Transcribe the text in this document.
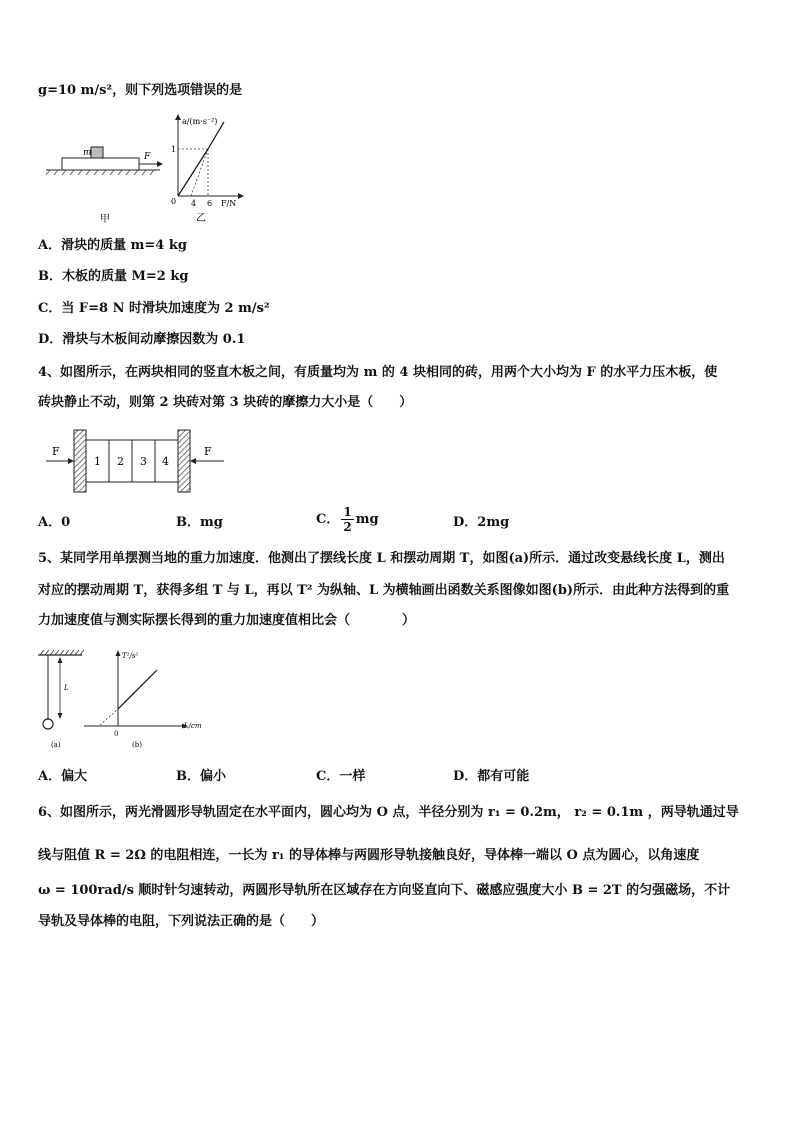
g=10 m/s²，则下列选项错误的是
m	F
甲
a/(m·s⁻²)
1
0 4 6 F/N
乙
A．滑块的质量 m=4 kg
B．木板的质量 M=2 kg
C．当 F=8 N 时滑块加速度为 2 m/s²
D．滑块与木板间动摩擦因数为 0.1
4、如图所示，在两块相同的竖直木板之间，有质量均为 m 的 4 块相同的砖，用两个大小均为 F 的水平力压木板，使
砖块静止不动，则第 2 块砖对第 3 块砖的摩擦力大小是（　　）
F	F
1 2 3 4
A．0	B．mg	C． $\frac{1}{2}$ mg	D．2mg
5、某同学用单摆测当地的重力加速度．他测出了摆线长度 L 和摆动周期 T，如图(a)所示．通过改变悬线长度 L，测出
对应的摆动周期 T，获得多组 T 与 L，再以 T² 为纵轴、L 为横轴画出函数关系图像如图(b)所示．由此种方法得到的重
力加速度值与测实际摆长得到的重力加速度值相比会（　　　　）
L
(a)
T²/s²
L/cm
0
(b)
A．偏大	B．偏小	C．一样	D．都有可能
6、如图所示，两光滑圆形导轨固定在水平面内，圆心均为 O 点，半径分别为 r₁ = 0.2m， r₂ = 0.1m ，两导轨通过导
线与阻值 R = 2Ω 的电阻相连，一长为 r₁ 的导体棒与两圆形导轨接触良好，导体棒一端以 O 点为圆心，以角速度
ω = 100rad/s 顺时针匀速转动，两圆形导轨所在区域存在方向竖直向下、磁感应强度大小 B = 2T 的匀强磁场，不计
导轨及导体棒的电阻，下列说法正确的是（　　）
